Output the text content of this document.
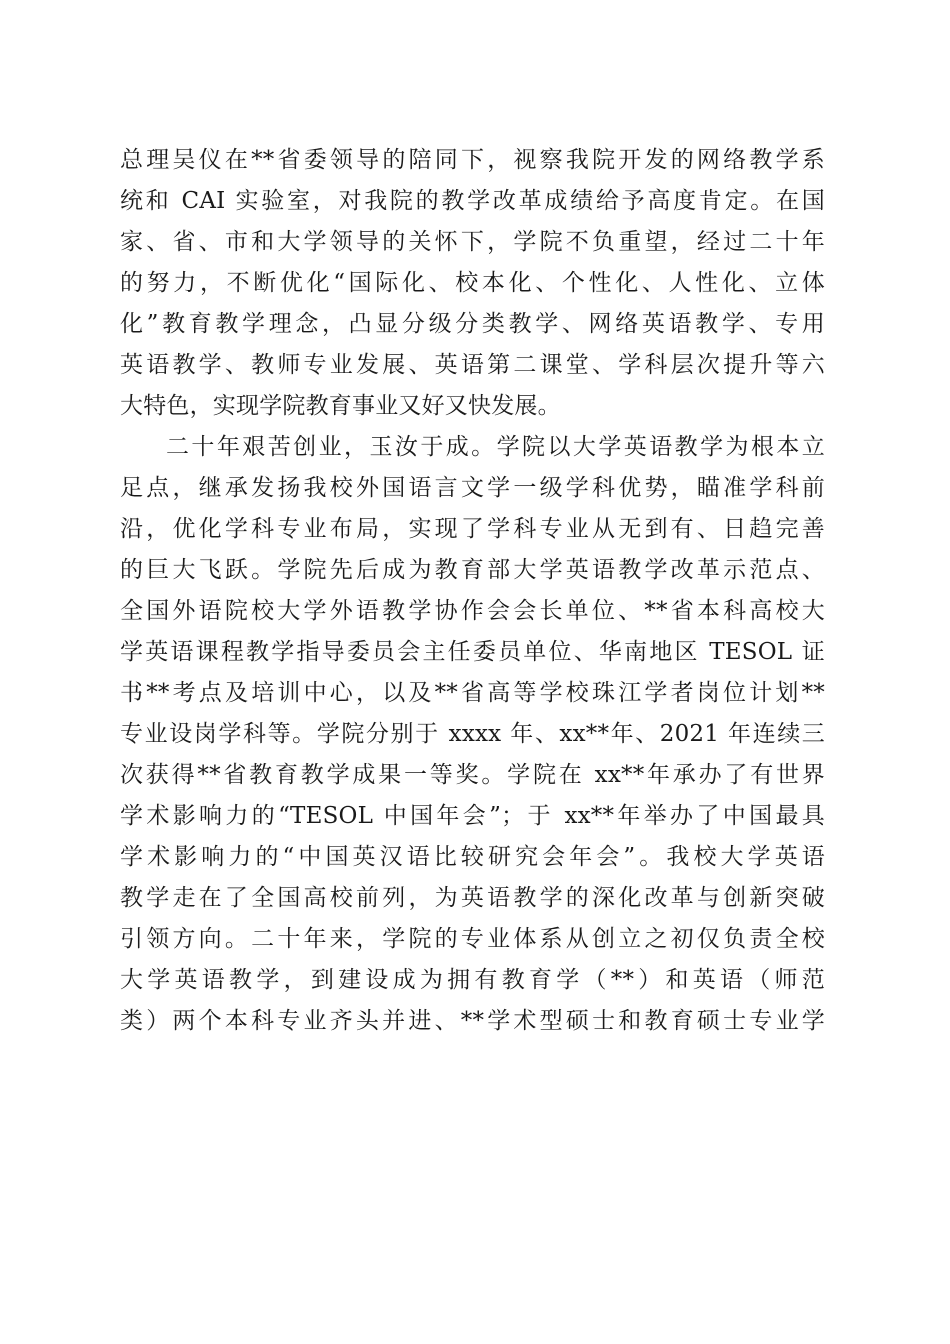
总理吴仪在**省委领导的陪同下，视察我院开发的网络教学系
统和 CAI 实验室，对我院的教学改革成绩给予高度肯定。在国
家、省、市和大学领导的关怀下，学院不负重望，经过二十年
的努力，不断优化“国际化、校本化、个性化、人性化、立体
化”教育教学理念，凸显分级分类教学、网络英语教学、专用
英语教学、教师专业发展、英语第二课堂、学科层次提升等六
大特色，实现学院教育事业又好又快发展。
二十年艰苦创业，玉汝于成。学院以大学英语教学为根本立
足点，继承发扬我校外国语言文学一级学科优势，瞄准学科前
沿，优化学科专业布局，实现了学科专业从无到有、日趋完善
的巨大飞跃。学院先后成为教育部大学英语教学改革示范点、
全国外语院校大学外语教学协作会会长单位、**省本科高校大
学英语课程教学指导委员会主任委员单位、华南地区 TESOL 证
书**考点及培训中心，以及**省高等学校珠江学者岗位计划**
专业设岗学科等。学院分别于 xxxx 年、xx**年、2021 年连续三
次获得**省教育教学成果一等奖。学院在 xx**年承办了有世界
学术影响力的“TESOL 中国年会”；于 xx**年举办了中国最具
学术影响力的“中国英汉语比较研究会年会”。我校大学英语
教学走在了全国高校前列，为英语教学的深化改革与创新突破
引领方向。二十年来，学院的专业体系从创立之初仅负责全校
大学英语教学，到建设成为拥有教育学（**）和英语（师范
类）两个本科专业齐头并进、**学术型硕士和教育硕士专业学
